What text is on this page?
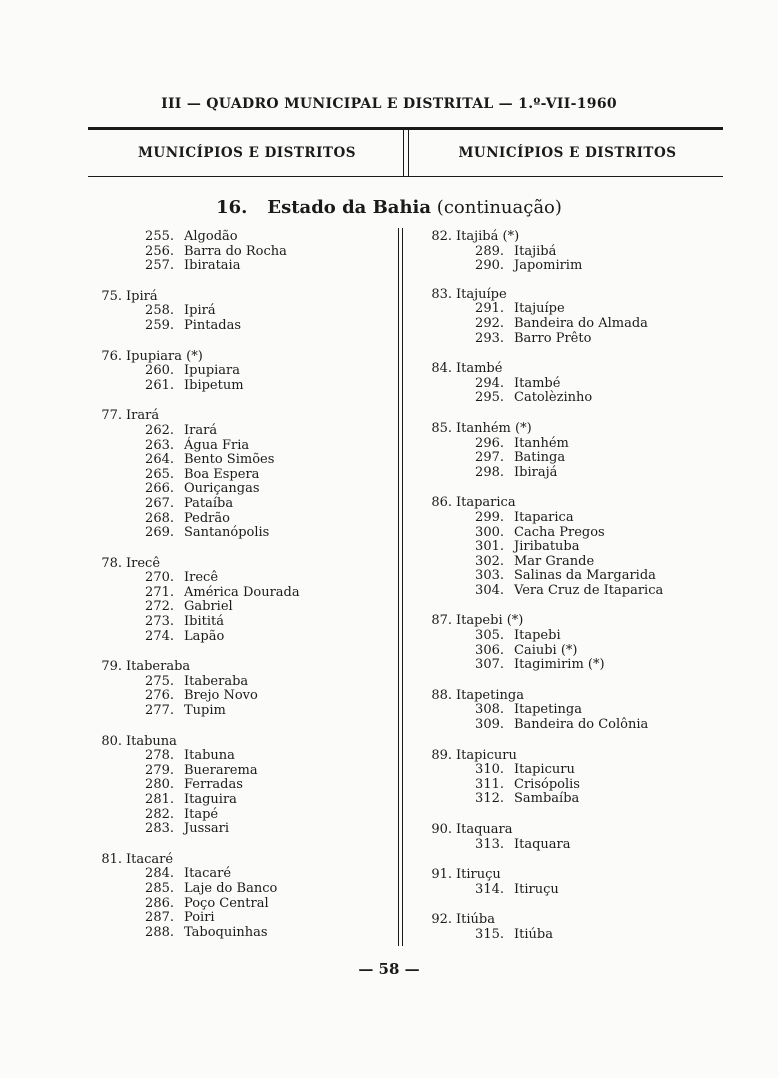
III — QUADRO MUNICIPAL E DISTRITAL — 1.º-VII-1960
MUNICÍPIOS E DISTRITOS	MUNICÍPIOS E DISTRITOS
16. Estado da Bahia (continuação)
255. Algodão
256. Barra do Rocha
257. Ibirataia
75. Ipirá
258. Ipirá
259. Pintadas
76. Ipupiara (*)
260. Ipupiara
261. Ibipetum
77. Irará
262. Irará
263. Água Fria
264. Bento Simões
265. Boa Espera
266. Ouriçangas
267. Pataíba
268. Pedrão
269. Santanópolis
78. Irecê
270. Irecê
271. América Dourada
272. Gabriel
273. Ibititá
274. Lapão
79. Itaberaba
275. Itaberaba
276. Brejo Novo
277. Tupim
80. Itabuna
278. Itabuna
279. Buerarema
280. Ferradas
281. Itaguira
282. Itapé
283. Jussari
81. Itacaré
284. Itacaré
285. Laje do Banco
286. Poço Central
287. Poiri
288. Taboquinhas
82. Itajibá (*)
289. Itajibá
290. Japomirim
83. Itajuípe
291. Itajuípe
292. Bandeira do Almada
293. Barro Prêto
84. Itambé
294. Itambé
295. Catolèzinho
85. Itanhém (*)
296. Itanhém
297. Batinga
298. Ibirajá
86. Itaparica
299. Itaparica
300. Cacha Pregos
301. Jiribatuba
302. Mar Grande
303. Salinas da Margarida
304. Vera Cruz de Itaparica
87. Itapebi (*)
305. Itapebi
306. Caiubi (*)
307. Itagimirim (*)
88. Itapetinga
308. Itapetinga
309. Bandeira do Colônia
89. Itapicuru
310. Itapicuru
311. Crisópolis
312. Sambaíba
90. Itaquara
313. Itaquara
91. Itiruçu
314. Itiruçu
92. Itiúba
315. Itiúba
— 58 —
